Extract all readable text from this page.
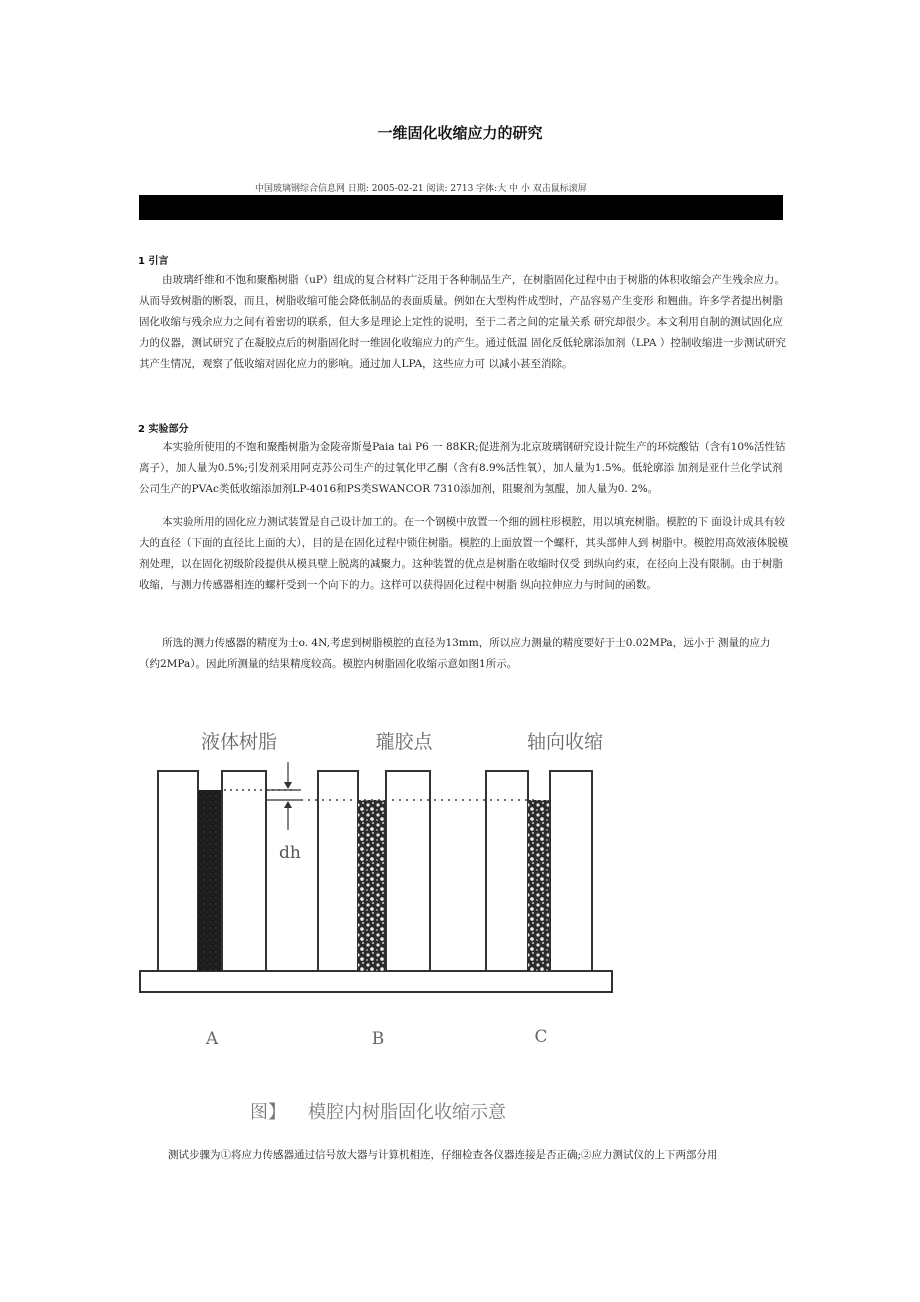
一维固化收缩应力的研究
中国玻璃钢综合信息网 日期: 2005-02-21 阅读: 2713 字体:大 中 小 双击鼠标滚屏
1 引言
由玻璃纤维和不饱和聚酯树脂（uP）组成的复合材料广泛用于各种制品生产，在树脂固化过程中由于树脂的体积收缩会产生残余应力。从而导致树脂的断裂，而且，树脂收缩可能会降低制品的表面质量。例如在大型构件成型时，产品容易产生变形 和翘曲。许多学者提出树脂固化收缩与残余应力之间有着密切的联系，但大多是理论上定性的说明，至于二者之间的定量关系 研究却很少。本文利用自制的测试固化应力的仪器，测试研究了在凝胶点后的树脂固化时一维固化收缩应力的产生。通过低温 固化反低轮廓添加剂（LPA ）控制收缩进一步测试研究其产生情况，观察了低收缩对固化应力的影响。通过加人LPA，这些应力可 以减小甚至消除。
2 实验部分
本实验所使用的不饱和聚酯树脂为金陵帝斯曼Paia tai P6 一 88KR;促进剂为北京玻璃钢研究设计院生产的环烷酸钴（含有10%活性钴离子），加人量为0.5%;引发剂采用阿克苏公司生产的过氧化甲乙酮（含有8.9%活性氧），加人量为1.5%。低轮廓添 加剂是亚什兰化学试剂公司生产的PVAc类低收缩添加剂LP-4016和PS类SWANCOR 7310添加剂，阻聚剂为氢醌，加人量为0. 2%。
本实验所用的固化应力测试装置是自己设计加工的。在一个钢模中放置一个细的圆柱形模腔，用以填充树脂。模腔的下 面设计成具有较大的直径（下面的直径比上面的大），目的是在固化过程中锁住树脂。模腔的上面放置一个螺杆，其头部伸人到 树脂中。模腔用高效液体脱模剂处理，以在固化初级阶段提供从模具壁上脱离的减聚力。这种装置的优点是树脂在收缩时仅受 到纵向约束，在径向上没有限制。由于树脂收缩，与测力传感器相连的螺杆受到一个向下的力。这样可以获得固化过程中树脂 纵向拉伸应力与时间的函数。
所选的测力传感器的精度为士o. 4N,考虑到树脂模腔的直径为13mm，所以应力测量的精度要好于士0.02MPa，远小于 测量的应力（约2MPa）。因此所测量的结果精度较高。模腔内树脂固化收缩示意如图1所示。
液体树脂	瓏胶点	轴向收缩
dh
A	B	C
图】 模腔内树脂固化收缩示意
测试步骤为①将应力传感器通过信号放大器与计算机相连，仔细检查各仪器连接是否正确;②应力测试仪的上下两部分用
